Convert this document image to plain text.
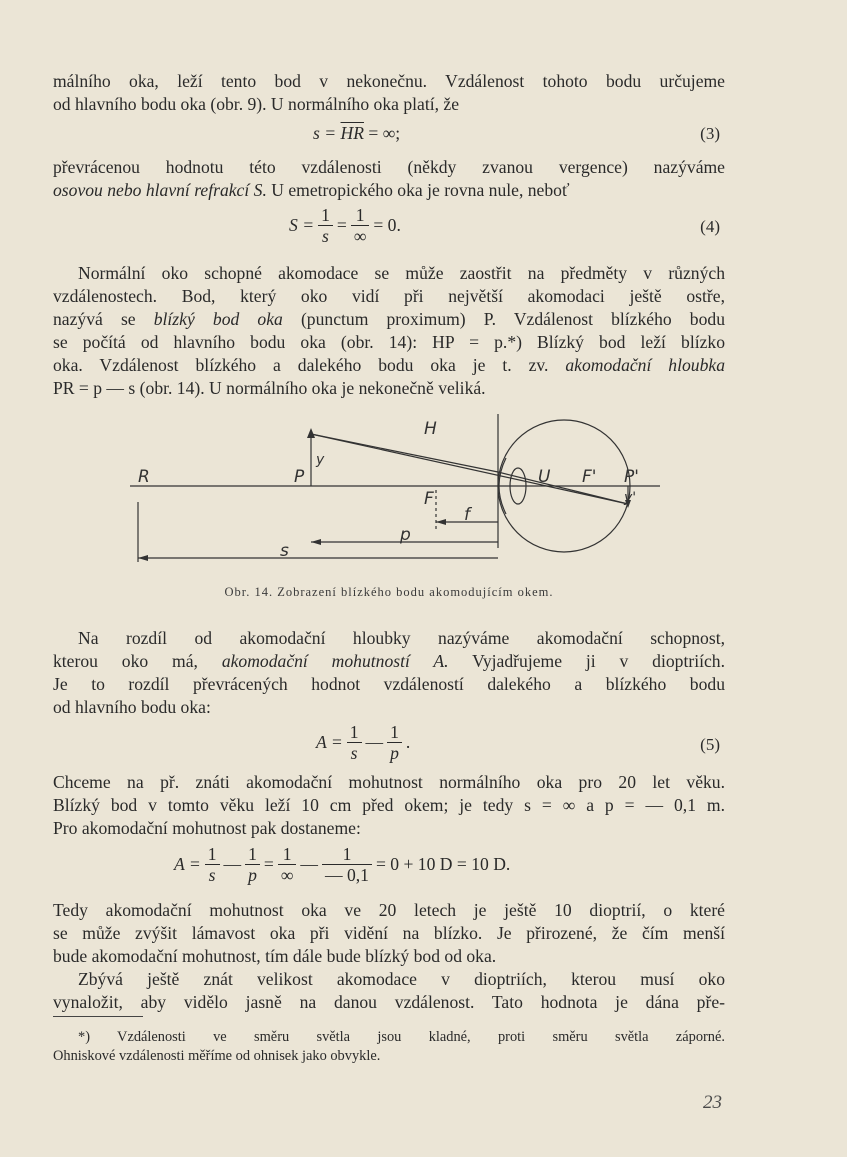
málního oka, leží tento bod v nekonečnu. Vzdálenost tohoto bodu určujeme
od hlavního bodu oka (obr. 9). U normálního oka platí, že
$s = \overline{HR}$ = ∞;	(3)
převrácenou hodnotu této vzdálenosti (někdy zvanou vergence) nazýváme
osovou nebo hlavní refrakcí S. U emetropického oka je rovna nule, neboť
$S = \frac{1}{s} = \frac{1}{\infty} = 0$.	(4)
Normální oko schopné akomodace se může zaostřit na předměty v různých
vzdálenostech. Bod, který oko vidí při největší akomodaci ještě ostře,
nazývá se blízký bod oka (punctum proximum) P. Vzdálenost blízkého bodu
se počítá od hlavního bodu oka (obr. 14): HP = p.*) Blízký bod leží blízko
oka. Vzdálenost blízkého a dalekého bodu oka je t. zv. akomodační hloubka
PR = p — s (obr. 14). U normálního oka je nekonečně veliká.
R	P
y
H
U F' P'
y'
F
f
p
s
Obr. 14. Zobrazení blízkého bodu akomodujícím okem.
Na rozdíl od akomodační hloubky nazýváme akomodační schopnost,
kterou oko má, akomodační mohutností A. Vyjadřujeme ji v dioptriích.
Je to rozdíl převrácených hodnot vzdáleností dalekého a blízkého bodu
od hlavního bodu oka:
$A = \frac{1}{s}$ — $\frac{1}{p}$ .	(5)
Chceme na př. znáti akomodační mohutnost normálního oka pro 20 let věku.
Blízký bod v tomto věku leží 10 cm před okem; je tedy s = ∞ a p = — 0,1 m.
Pro akomodační mohutnost pak dostaneme:
$A = \frac{1}{s}$ — $\frac{1}{p} = \frac{1}{\infty}$ — $\frac{1}{— 0,1} = 0 + 10$ D = 10 D.
Tedy akomodační mohutnost oka ve 20 letech je ještě 10 dioptrií, o které
se může zvýšit lámavost oka při vidění na blízko. Je přirozené, že čím menší
bude akomodační mohutnost, tím dále bude blízký bod od oka.
Zbývá ještě znát velikost akomodace v dioptriích, kterou musí oko
vynaložit, aby vidělo jasně na danou vzdálenost. Tato hodnota je dána pře-
*) Vzdálenosti ve směru světla jsou kladné, proti směru světla záporné.
Ohniskové vzdálenosti měříme od ohnisek jako obvykle.
23
